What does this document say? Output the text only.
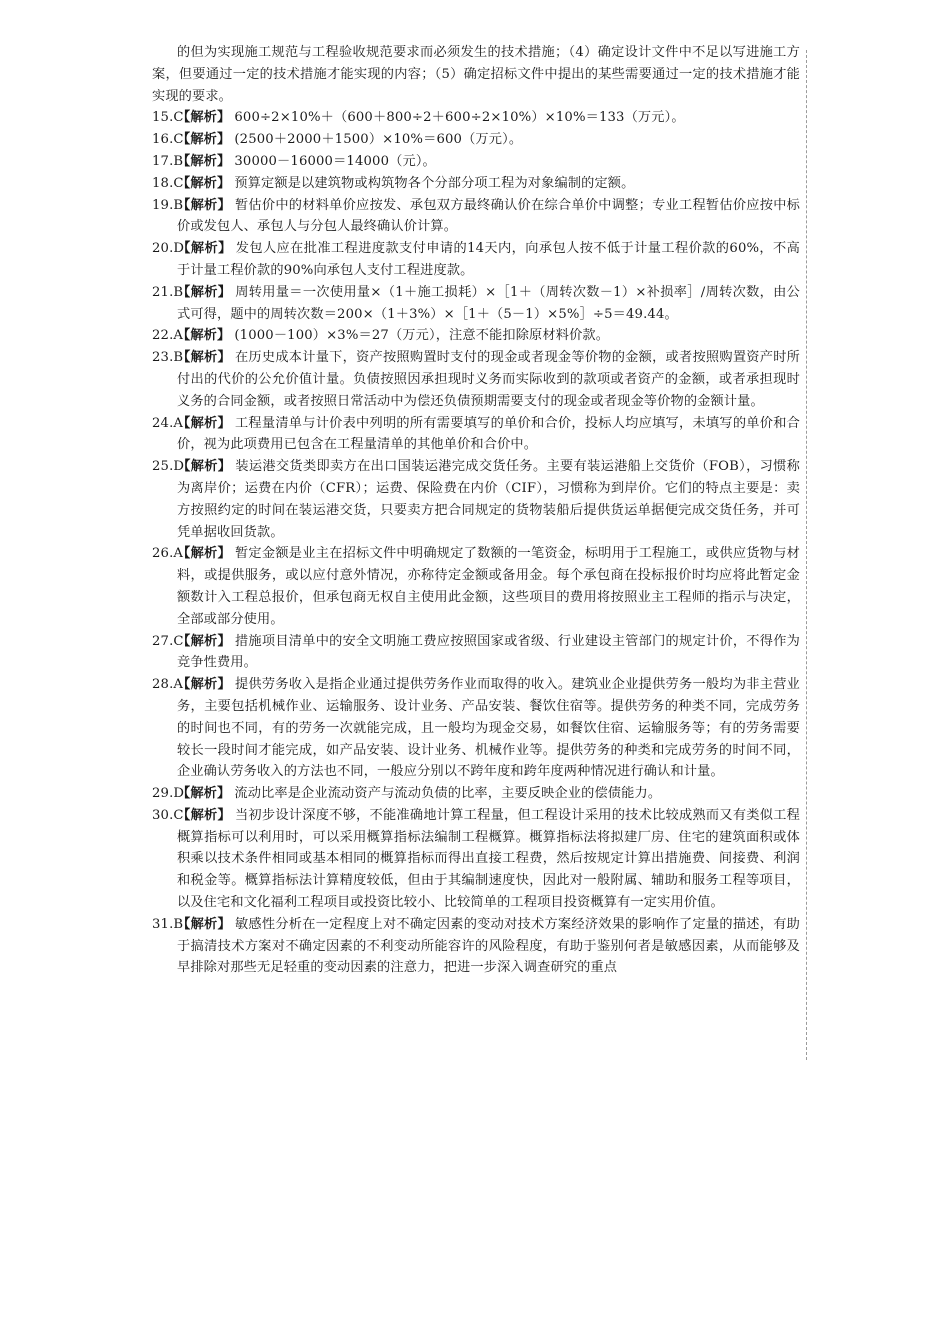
的但为实现施工规范与工程验收规范要求而必须发生的技术措施；（4）确定设计文件中不足以写进施工方案，但要通过一定的技术措施才能实现的内容；（5）确定招标文件中提出的某些需要通过一定的技术措施才能实现的要求。

15.C【解析】 600÷2×10%＋（600＋800÷2＋600÷2×10%）×10%＝133（万元）。

16.C【解析】 (2500＋2000＋1500）×10%＝600（万元）。

17.B【解析】 30000－16000＝14000（元）。

18.C【解析】 预算定额是以建筑物或构筑物各个分部分项工程为对象编制的定额。

19.B【解析】 暂估价中的材料单价应按发、承包双方最终确认价在综合单价中调整；专业工程暂估价应按中标价或发包人、承包人与分包人最终确认价计算。

20.D【解析】 发包人应在批准工程进度款支付申请的14天内，向承包人按不低于计量工程价款的60%，不高于计量工程价款的90%向承包人支付工程进度款。

21.B【解析】 周转用量＝一次使用量×（1＋施工损耗）×［1＋（周转次数－1）×补损率］/周转次数，由公式可得，题中的周转次数＝200×（1＋3%）×［1＋（5－1）×5%］÷5＝49.44。

22.A【解析】 (1000－100）×3%＝27（万元），注意不能扣除原材料价款。

23.B【解析】 在历史成本计量下，资产按照购置时支付的现金或者现金等价物的金额，或者按照购置资产时所付出的代价的公允价值计量。负债按照因承担现时义务而实际收到的款项或者资产的金额，或者承担现时义务的合同金额，或者按照日常活动中为偿还负债预期需要支付的现金或者现金等价物的金额计量。

24.A【解析】 工程量清单与计价表中列明的所有需要填写的单价和合价，投标人均应填写，未填写的单价和合价，视为此项费用已包含在工程量清单的其他单价和合价中。

25.D【解析】 装运港交货类即卖方在出口国装运港完成交货任务。主要有装运港船上交货价（FOB），习惯称为离岸价；运费在内价（CFR）；运费、保险费在内价（CIF），习惯称为到岸价。它们的特点主要是：卖方按照约定的时间在装运港交货，只要卖方把合同规定的货物装船后提供货运单据便完成交货任务，并可凭单据收回货款。

26.A【解析】 暂定金额是业主在招标文件中明确规定了数额的一笔资金，标明用于工程施工，或供应货物与材料，或提供服务，或以应付意外情况，亦称待定金额或备用金。每个承包商在投标报价时均应将此暂定金额数计入工程总报价，但承包商无权自主使用此金额，这些项目的费用将按照业主工程师的指示与决定，全部或部分使用。

27.C【解析】 措施项目清单中的安全文明施工费应按照国家或省级、行业建设主管部门的规定计价，不得作为竞争性费用。

28.A【解析】 提供劳务收入是指企业通过提供劳务作业而取得的收入。建筑业企业提供劳务一般均为非主营业务，主要包括机械作业、运输服务、设计业务、产品安装、餐饮住宿等。提供劳务的种类不同，完成劳务的时间也不同，有的劳务一次就能完成，且一般均为现金交易，如餐饮住宿、运输服务等；有的劳务需要较长一段时间才能完成，如产品安装、设计业务、机械作业等。提供劳务的种类和完成劳务的时间不同，企业确认劳务收入的方法也不同，一般应分别以不跨年度和跨年度两种情况进行确认和计量。

29.D【解析】 流动比率是企业流动资产与流动负债的比率，主要反映企业的偿债能力。

30.C【解析】 当初步设计深度不够，不能准确地计算工程量，但工程设计采用的技术比较成熟而又有类似工程概算指标可以利用时，可以采用概算指标法编制工程概算。概算指标法将拟建厂房、住宅的建筑面积或体积乘以技术条件相同或基本相同的概算指标而得出直接工程费，然后按规定计算出措施费、间接费、利润和税金等。概算指标法计算精度较低，但由于其编制速度快，因此对一般附属、辅助和服务工程等项目，以及住宅和文化福利工程项目或投资比较小、比较简单的工程项目投资概算有一定实用价值。

31.B【解析】 敏感性分析在一定程度上对不确定因素的变动对技术方案经济效果的影响作了定量的描述，有助于搞清技术方案对不确定因素的不利变动所能容许的风险程度，有助于鉴别何者是敏感因素，从而能够及早排除对那些无足轻重的变动因素的注意力，把进一步深入调查研究的重点
